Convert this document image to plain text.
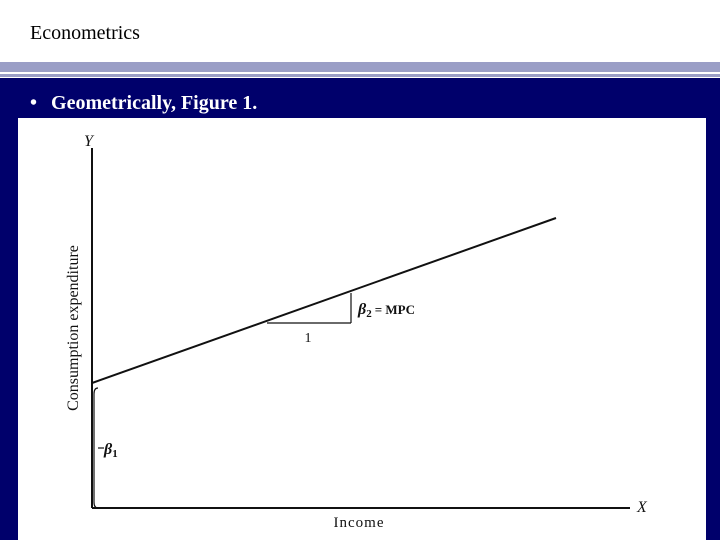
Econometrics
• Geometrically, Figure 1.
Y
X
Consumption expenditure
Income
β1
1
β2 = MPC
